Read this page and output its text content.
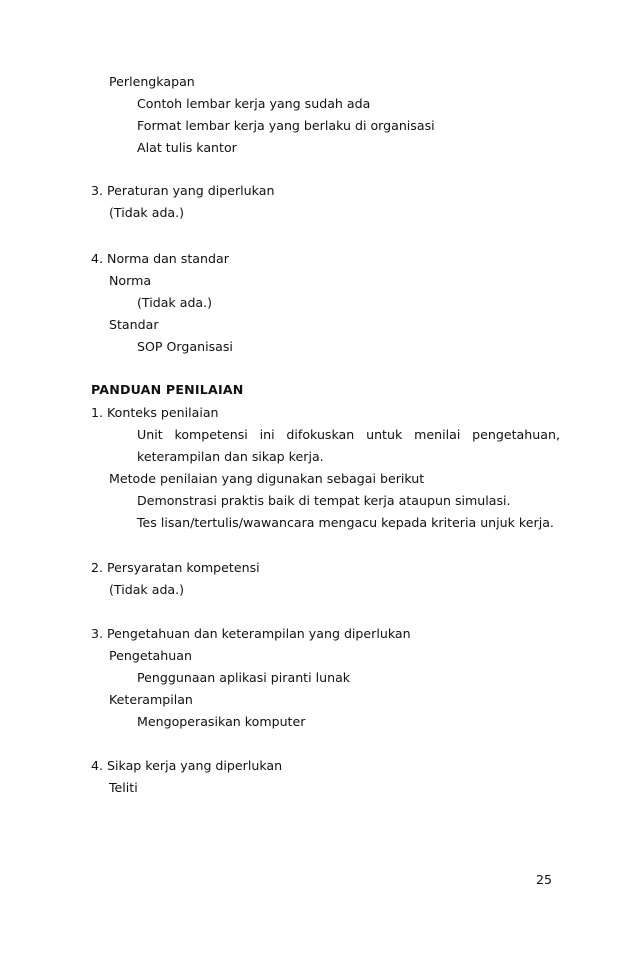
Perlengkapan
Contoh lembar kerja yang sudah ada
Format lembar kerja yang berlaku di organisasi
Alat tulis kantor
3. Peraturan yang diperlukan
(Tidak ada.)
4. Norma dan standar
Norma
(Tidak ada.)
Standar
SOP Organisasi
PANDUAN PENILAIAN
1. Konteks penilaian
Unit kompetensi ini difokuskan untuk menilai pengetahuan,
keterampilan dan sikap kerja.
Metode penilaian yang digunakan sebagai berikut
Demonstrasi praktis baik di tempat kerja ataupun simulasi.
Tes lisan/tertulis/wawancara mengacu kepada kriteria unjuk kerja.
2. Persyaratan kompetensi
(Tidak ada.)
3. Pengetahuan dan keterampilan yang diperlukan
Pengetahuan
Penggunaan aplikasi piranti lunak
Keterampilan
Mengoperasikan komputer
4. Sikap kerja yang diperlukan
Teliti
25
